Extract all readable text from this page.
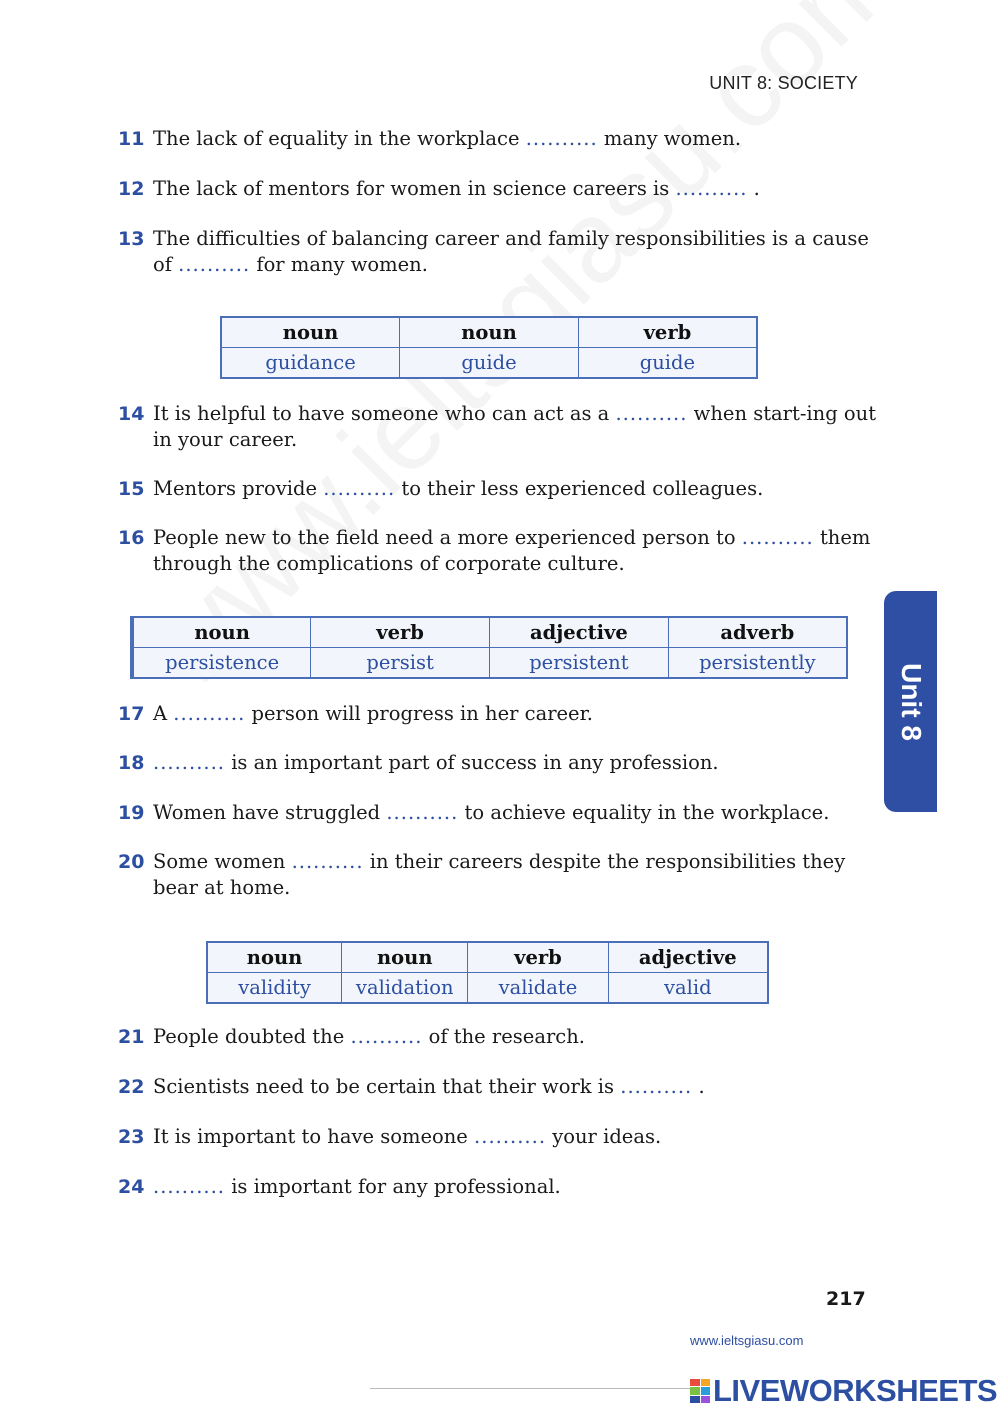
UNIT 8: SOCIETY
11 The lack of equality in the workplace .......... many women.
12 The lack of mentors for women in science careers is .......... .
13 The difficulties of balancing career and family responsibilities is a cause of .......... for many women.
noun	noun	verb
guidance	guide	guide
14 It is helpful to have someone who can act as a .......... when start-ing out in your career.
15 Mentors provide .......... to their less experienced colleagues.
16 People new to the field need a more experienced person to .......... them through the complications of corporate culture.
noun	verb	adjective	adverb
persistence	persist	persistent	persistently
Unit 8
17 A .......... person will progress in her career.
18 .......... is an important part of success in any profession.
19 Women have struggled .......... to achieve equality in the workplace.
20 Some women .......... in their careers despite the responsibilities they bear at home.
noun	noun	verb	adjective
validity	validation	validate	valid
21 People doubted the .......... of the research.
22 Scientists need to be certain that their work is .......... .
23 It is important to have someone .......... your ideas.
24 .......... is important for any professional.
217
www.ieltsgiasu.com
LIVEWORKSHEETS
